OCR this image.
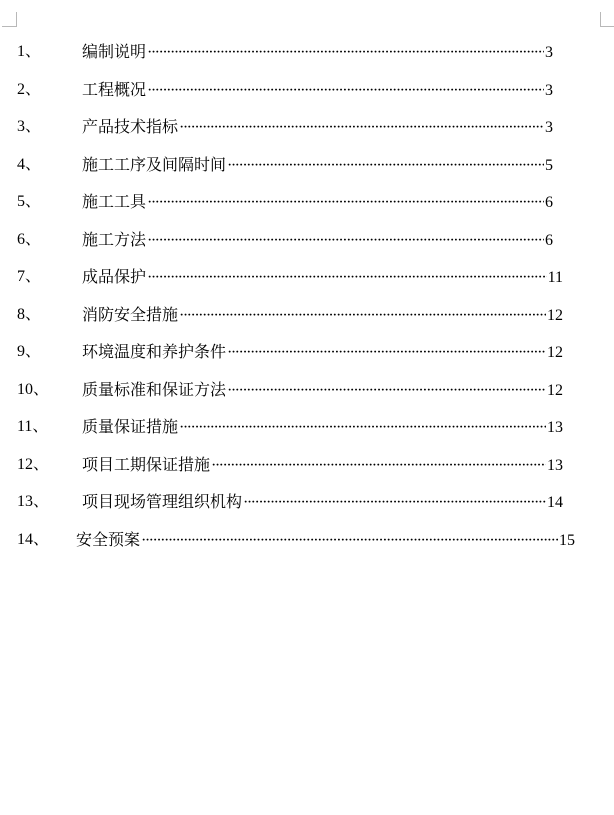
1、	编制说明 ·····	3
2、	工程概况 ·····	3
3、	产品技术指标 ·····	3
4、	施工工序及间隔时间 ·····	5
5、	施工工具 ·····	6
6、	施工方法 ·····	6
7、	成品保护 ·····	11
8、	消防安全措施 ·····	12
9、	环境温度和养护条件 ·····	12
10、 质量标准和保证方法 ·····	12
11、 质量保证措施 ·····	13
12、 项目工期保证措施 ·····	13
13、 项目现场管理组织机构 ·····	14
14、 安全预案 ·····	15
